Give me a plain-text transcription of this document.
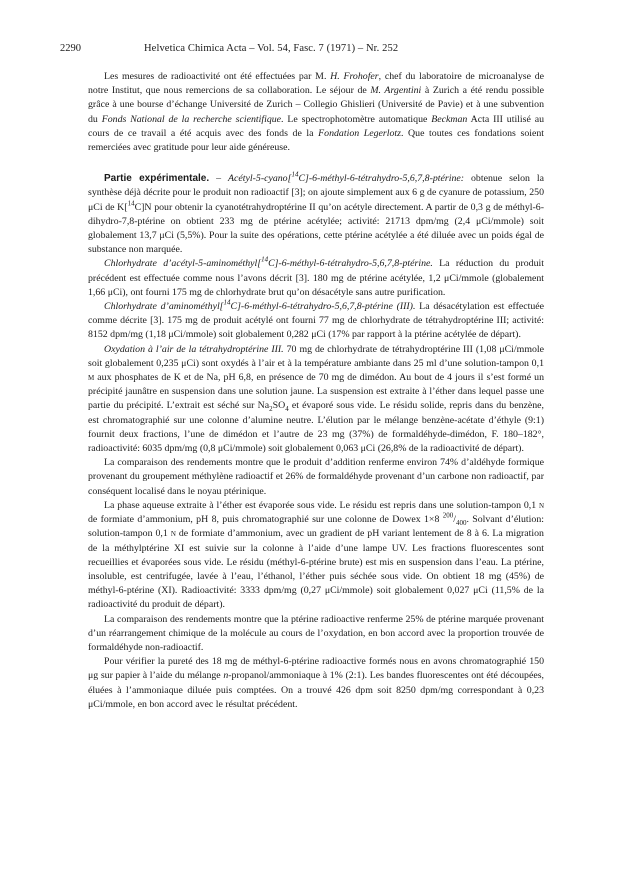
2290	Helvetica Chimica Acta – Vol. 54, Fasc. 7 (1971) – Nr. 252

Les mesures de radioactivité ont été effectuées par M. H. Frohofer, chef du laboratoire de microanalyse de notre Institut, que nous remercions de sa collaboration. Le séjour de M. Argentini à Zurich a été rendu possible grâce à une bourse d’échange Université de Zurich – Collegio Ghislieri (Université de Pavie) et à une subvention du Fonds National de la recherche scientifique. Le spectrophotomètre automatique Beckman Acta III utilisé au cours de ce travail a été acquis avec des fonds de la Fondation Legerlotz. Que toutes ces fondations soient remerciées avec gratitude pour leur aide généreuse.

Partie expérimentale. – Acétyl-5-cyano[$^{14}$C]-6-méthyl-6-tétrahydro-5,6,7,8-ptérine: obtenue selon la synthèse déjà décrite pour le produit non radioactif [3]; on ajoute simplement aux 6 g de cyanure de potassium, 250 μCi de K[$^{14}$C]N pour obtenir la cyanotétrahydroptérine II qu’on acétyle directement. A partir de 0,3 g de méthyl-6-dihydro-7,8-ptérine on obtient 233 mg de ptérine acétylée; activité: 21713 dpm/mg (2,4 μCi/mmole) soit globalement 13,7 μCi (5,5%). Pour la suite des opérations, cette ptérine acétylée a été diluée avec un poids égal de substance non marquée.

Chlorhydrate d’acétyl-5-aminométhyl[$^{14}$C]-6-méthyl-6-tétrahydro-5,6,7,8-ptérine. La réduction du produit précédent est effectuée comme nous l’avons décrit [3]. 180 mg de ptérine acétylée, 1,2 μCi/mmole (globalement 1,66 μCi), ont fourni 175 mg de chlorhydrate brut qu’on désacétyle sans autre purification.

Chlorhydrate d’aminométhyl[$^{14}$C]-6-méthyl-6-tétrahydro-5,6,7,8-ptérine (III). La désacétylation est effectuée comme décrite [3]. 175 mg de produit acétylé ont fourni 77 mg de chlorhydrate de tétrahydroptérine III; activité: 8152 dpm/mg (1,18 μCi/mmole) soit globalement 0,282 μCi (17% par rapport à la ptérine acétylée de départ).

Oxydation à l’air de la tétrahydroptérine III. 70 mg de chlorhydrate de tétrahydroptérine III (1,08 μCi/mmole soit globalement 0,235 μCi) sont oxydés à l’air et à la température ambiante dans 25 ml d’une solution-tampon 0,1 m aux phosphates de K et de Na, pH 6,8, en présence de 70 mg de dimédon. Au bout de 4 jours il s’est formé un précipité jaunâtre en suspension dans une solution jaune. La suspension est extraite à l’éther dans lequel passe une partie du précipité. L’extrait est séché sur $Na_2SO_4$ et évaporé sous vide. Le résidu solide, repris dans du benzène, est chromatographié sur une colonne d’alumine neutre. L’élution par le mélange benzène-acétate d’éthyle (9:1) fournit deux fractions, l’une de dimédon et l’autre de 23 mg (37%) de formaldéhyde-dimédon, F. 180–182°, radioactivité: 6035 dpm/mg (0,8 μCi/mmole) soit globalement 0,063 μCi (26,8% de la radioactivité de départ).

La comparaison des rendements montre que le produit d’addition renferme environ 74% d’aldéhyde formique provenant du groupement méthylène radioactif et 26% de formaldéhyde provenant d’un carbone non radioactif, par conséquent localisé dans le noyau ptérinique.

La phase aqueuse extraite à l’éther est évaporée sous vide. Le résidu est repris dans une solution-tampon 0,1 n de formiate d’ammonium, pH 8, puis chromatographié sur une colonne de Dowex 1×8 $^{200}/_{400}$. Solvant d’élution: solution-tampon 0,1 n de formiate d’ammonium, avec un gradient de pH variant lentement de 8 à 6. La migration de la méthylptérine XI est suivie sur la colonne à l’aide d’une lampe UV. Les fractions fluorescentes sont recueillies et évaporées sous vide. Le résidu (méthyl-6-ptérine brute) est mis en suspension dans l’eau. La ptérine, insoluble, est centrifugée, lavée à l’eau, l’éthanol, l’éther puis séchée sous vide. On obtient 18 mg (45%) de méthyl-6-ptérine (XI). Radioactivité: 3333 dpm/mg (0,27 μCi/mmole) soit globalement 0,027 μCi (11,5% de la radioactivité du produit de départ).

La comparaison des rendements montre que la ptérine radioactive renferme 25% de ptérine marquée provenant d’un réarrangement chimique de la molécule au cours de l’oxydation, en bon accord avec la proportion trouvée de formaldéhyde non-radioactif.

Pour vérifier la pureté des 18 mg de méthyl-6-ptérine radioactive formés nous en avons chromatographié 150 μg sur papier à l’aide du mélange n-propanol/ammoniaque à 1% (2:1). Les bandes fluorescentes ont été découpées, éluées à l’ammoniaque diluée puis comptées. On a trouvé 426 dpm soit 8250 dpm/mg correspondant à 0,23 μCi/mmole, en bon accord avec le résultat précédent.
